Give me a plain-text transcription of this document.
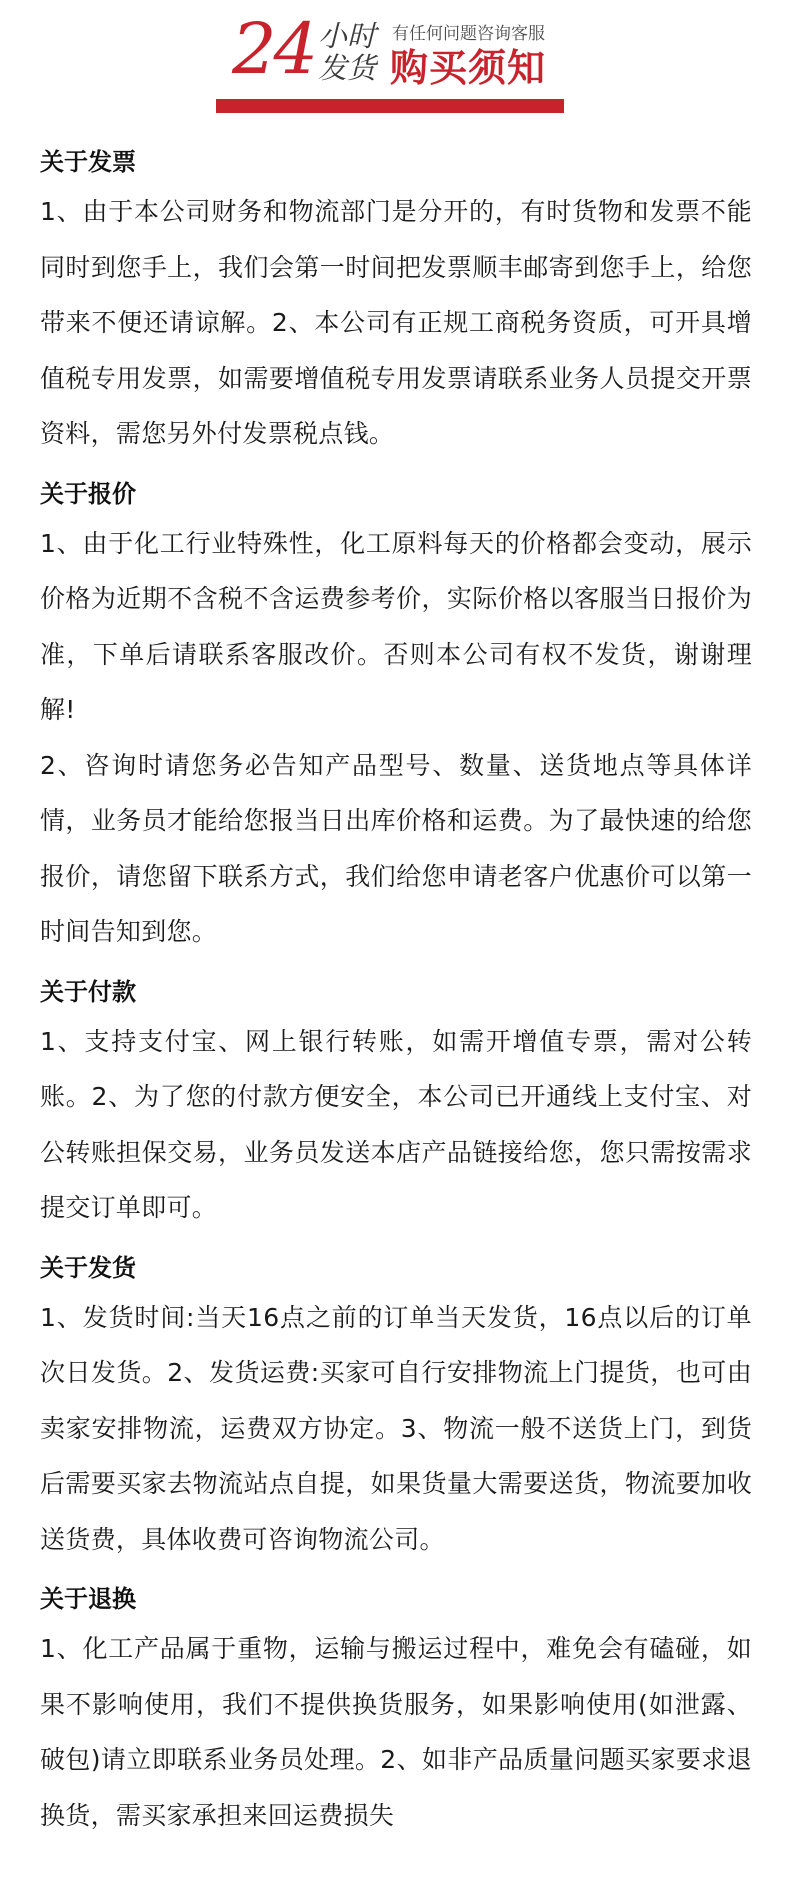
24 小时
发货
有任何问题咨询客服
购买须知
关于发票

1、由于本公司财务和物流部门是分开的，有时货物和发票不能同时到您手上，我们会第一时间把发票顺丰邮寄到您手上，给您带来不便还请谅解。2、本公司有正规工商税务资质，可开具增值税专用发票，如需要增值税专用发票请联系业务人员提交开票资料，需您另外付发票税点钱。

关于报价

1、由于化工行业特殊性，化工原料每天的价格都会变动，展示价格为近期不含税不含运费参考价，实际价格以客服当日报价为准，下单后请联系客服改价。否则本公司有权不发货，谢谢理解!

2、咨询时请您务必告知产品型号、数量、送货地点等具体详情，业务员才能给您报当日出库价格和运费。为了最快速的给您报价，请您留下联系方式，我们给您申请老客户优惠价可以第一时间告知到您。

关于付款

1、支持支付宝、网上银行转账，如需开增值专票，需对公转账。2、为了您的付款方便安全，本公司已开通线上支付宝、对公转账担保交易，业务员发送本店产品链接给您，您只需按需求提交订单即可。

关于发货

1、发货时间:当天16点之前的订单当天发货，16点以后的订单次日发货。2、发货运费:买家可自行安排物流上门提货，也可由卖家安排物流，运费双方协定。3、物流一般不送货上门，到货后需要买家去物流站点自提，如果货量大需要送货，物流要加收送货费，具体收费可咨询物流公司。

关于退换

1、化工产品属于重物，运输与搬运过程中，难免会有磕碰，如果不影响使用，我们不提供换货服务，如果影响使用(如泄露、破包)请立即联系业务员处理。2、如非产品质量问题买家要求退换货，需买家承担来回运费损失
